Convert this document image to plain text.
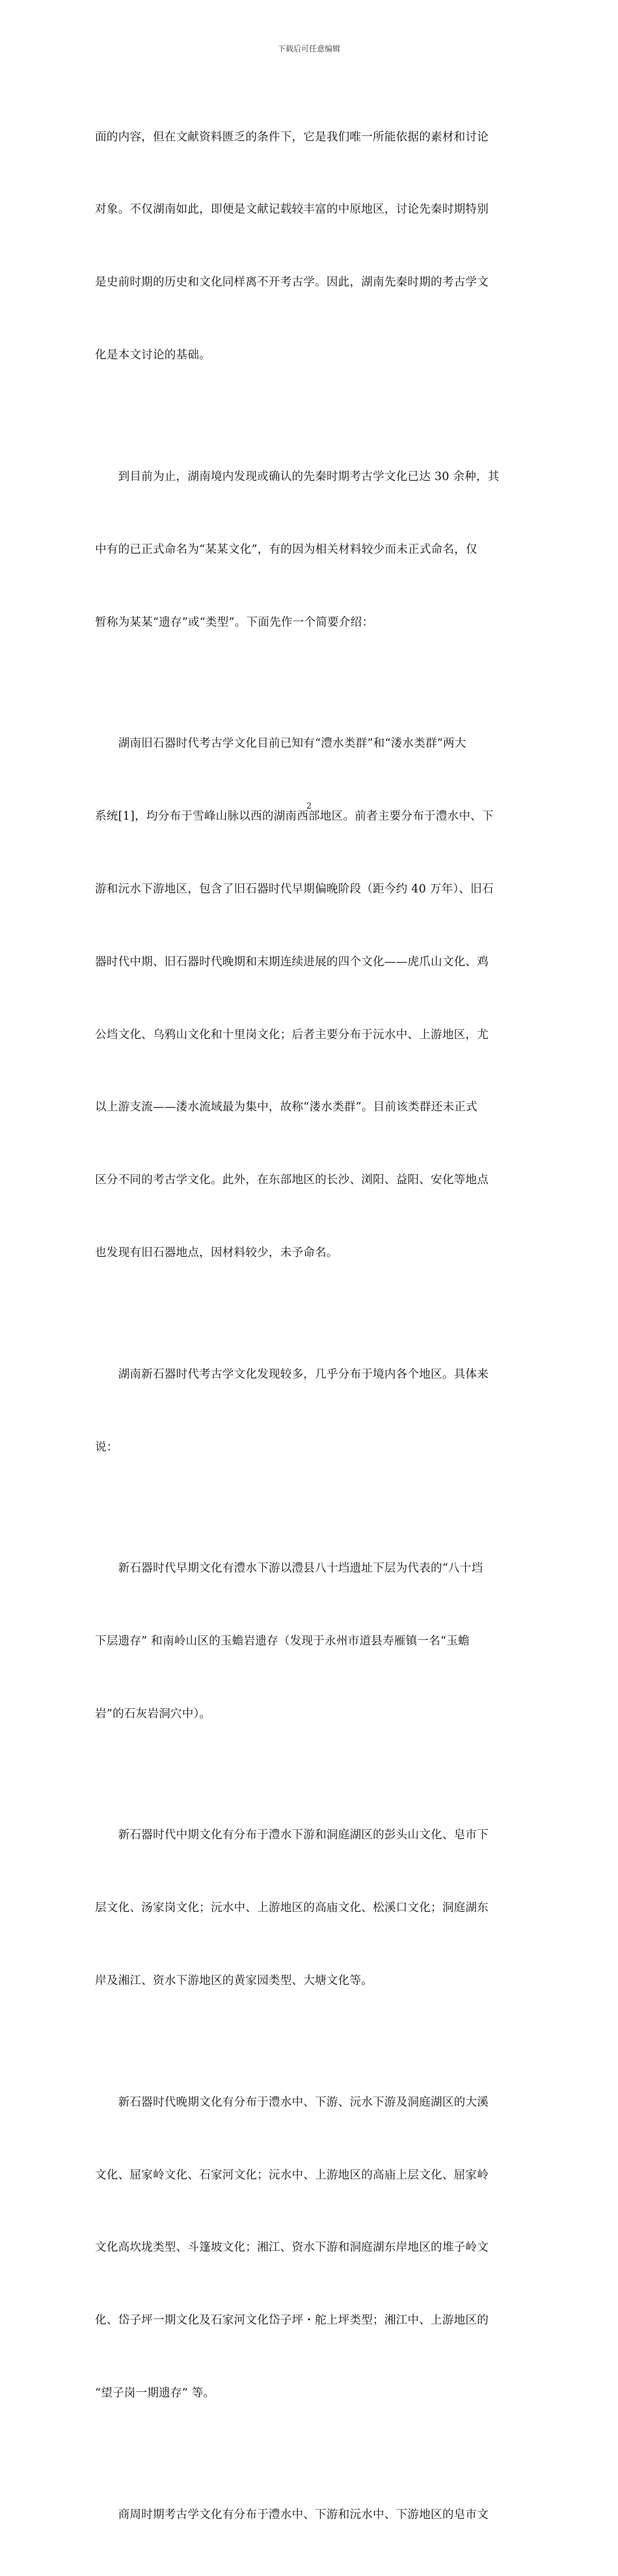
下载后可任意编辑

面的内容，但在文献资料匮乏的条件下，它是我们唯一所能依据的素材和讨论

对象。不仅湖南如此，即便是文献记载较丰富的中原地区，讨论先秦时期特别

是史前时期的历史和文化同样离不开考古学。因此，湖南先秦时期的考古学文

化是本文讨论的基础。

　　到目前为止，湖南境内发现或确认的先秦时期考古学文化已达 30 余种，其

中有的已正式命名为“某某文化”，有的因为相关材料较少而未正式命名，仅

暂称为某某“遗存”或“类型”。下面先作一个简要介绍：

　　湖南旧石器时代考古学文化目前已知有“澧水类群”和“溇水类群”两大

系统[1]，均分布于雪峰山脉以西的湖南西部地区。前者主要分布于澧水中、下

游和沅水下游地区，包含了旧石器时代早期偏晚阶段（距今约 40 万年）、旧石

器时代中期、旧石器时代晚期和末期连续进展的四个文化——虎爪山文化、鸡

公垱文化、乌鸦山文化和十里岗文化；后者主要分布于沅水中、上游地区，尤

以上游支流——溇水流域最为集中，故称“溇水类群”。目前该类群还未正式

区分不同的考古学文化。此外，在东部地区的长沙、浏阳、益阳、安化等地点

也发现有旧石器地点，因材料较少，未予命名。

　　湖南新石器时代考古学文化发现较多，几乎分布于境内各个地区。具体来

说：

　　新石器时代早期文化有澧水下游以澧县八十垱遗址下层为代表的“八十垱

下层遗存” 和南岭山区的玉蟾岩遗存（发现于永州市道县寿雁镇一名“玉蟾

岩”的石灰岩洞穴中）。

　　新石器时代中期文化有分布于澧水下游和洞庭湖区的彭头山文化、皂市下

层文化、汤家岗文化；沅水中、上游地区的高庙文化、松溪口文化；洞庭湖东

岸及湘江、资水下游地区的黄家园类型、大塘文化等。

　　新石器时代晚期文化有分布于澧水中、下游、沅水下游及洞庭湖区的大溪

文化、屈家岭文化、石家河文化；沅水中、上游地区的高庙上层文化、屈家岭

文化高坎垅类型、斗篷坡文化；湘江、资水下游和洞庭湖东岸地区的堆子岭文

化、岱子坪一期文化及石家河文化岱子坪・舵上坪类型；湘江中、上游地区的

“望子岗一期遗存” 等。

　　商周时期考古学文化有分布于澧水中、下游和沅水中、下游地区的皂市文

2
